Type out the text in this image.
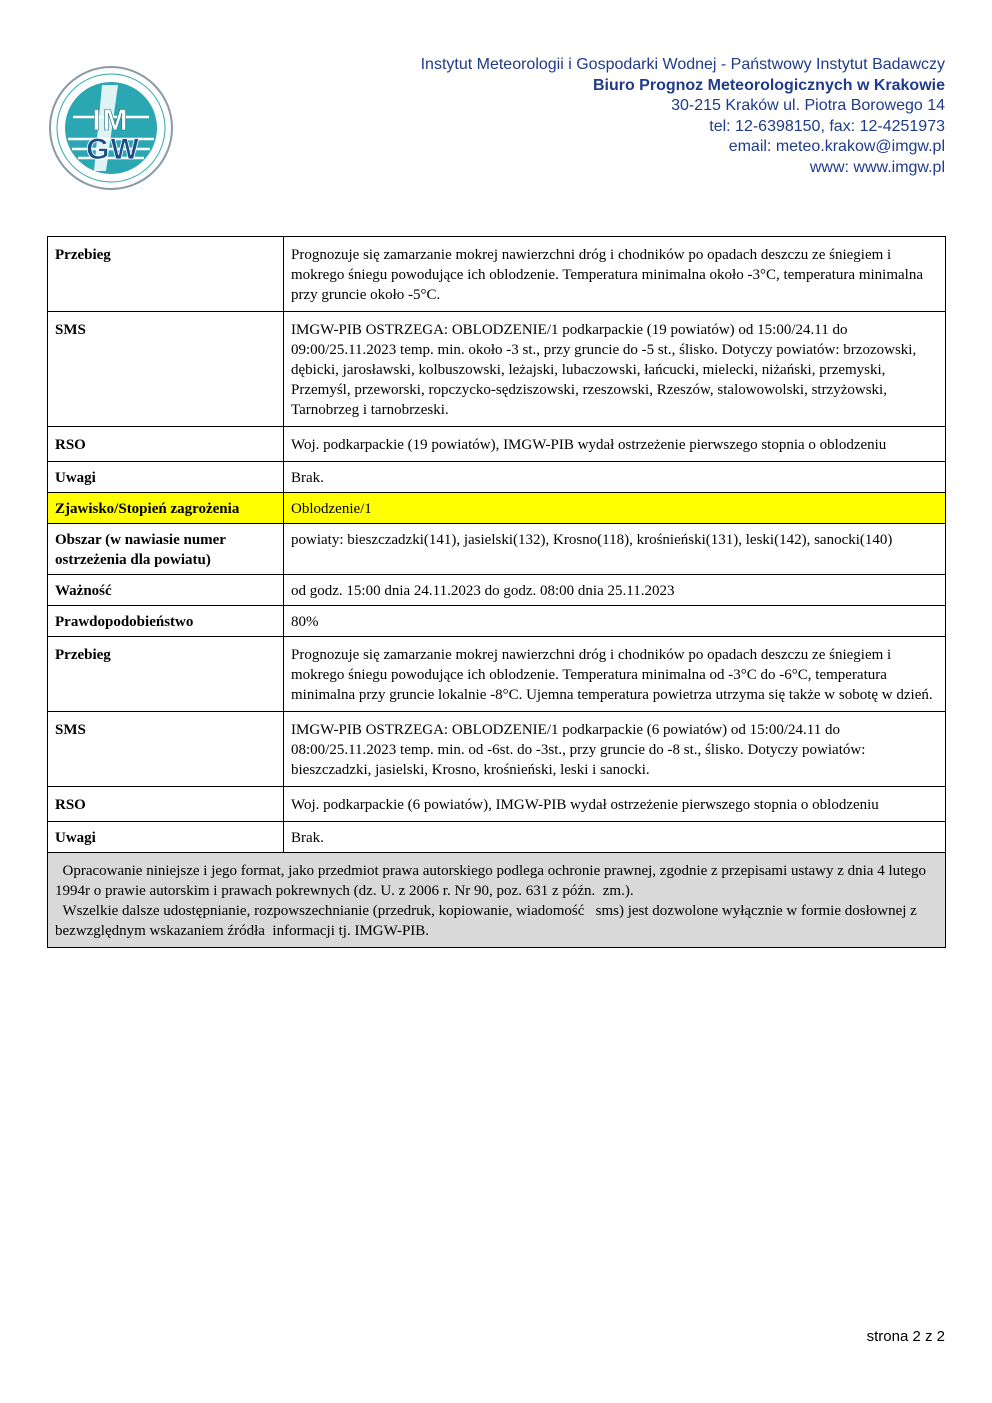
IM
GW
Instytut Meteorologii i Gospodarki Wodnej - Państwowy Instytut Badawczy
Biuro Prognoz Meteorologicznych w Krakowie
30-215 Kraków ul. Piotra Borowego 14
tel: 12-6398150, fax: 12-4251973
email: meteo.krakow@imgw.pl
www: www.imgw.pl
Przebieg	Prognozuje się zamarzanie mokrej nawierzchni dróg i chodników po opadach deszczu ze śniegiem i mokrego śniegu powodujące ich oblodzenie. Temperatura minimalna około -3°C, temperatura minimalna przy gruncie około -5°C.
SMS	IMGW-PIB OSTRZEGA: OBLODZENIE/1 podkarpackie (19 powiatów) od 15:00/24.11 do 09:00/25.11.2023 temp. min. około -3 st., przy gruncie do -5 st., ślisko. Dotyczy powiatów: brzozowski, dębicki, jarosławski, kolbuszowski, leżajski, lubaczowski, łańcucki, mielecki, niżański, przemyski, Przemyśl, przeworski, ropczycko-sędziszowski, rzeszowski, Rzeszów, stalowowolski, strzyżowski, Tarnobrzeg i tarnobrzeski.
RSO	Woj. podkarpackie (19 powiatów), IMGW-PIB wydał ostrzeżenie pierwszego stopnia o oblodzeniu
Uwagi	Brak.
Zjawisko/Stopień zagrożenia	Oblodzenie/1
Obszar (w nawiasie numer ostrzeżenia dla powiatu)	powiaty: bieszczadzki(141), jasielski(132), Krosno(118), krośnieński(131), leski(142), sanocki(140)
Ważność	od godz. 15:00 dnia 24.11.2023 do godz. 08:00 dnia 25.11.2023
Prawdopodobieństwo	80%
Przebieg	Prognozuje się zamarzanie mokrej nawierzchni dróg i chodników po opadach deszczu ze śniegiem i mokrego śniegu powodujące ich oblodzenie. Temperatura minimalna od -3°C do -6°C, temperatura minimalna przy gruncie lokalnie -8°C. Ujemna temperatura powietrza utrzyma się także w sobotę w dzień.
SMS	IMGW-PIB OSTRZEGA: OBLODZENIE/1 podkarpackie (6 powiatów) od 15:00/24.11 do 08:00/25.11.2023 temp. min. od -6st. do -3st., przy gruncie do -8 st., ślisko. Dotyczy powiatów: bieszczadzki, jasielski, Krosno, krośnieński, leski i sanocki.
RSO	Woj. podkarpackie (6 powiatów), IMGW-PIB wydał ostrzeżenie pierwszego stopnia o oblodzeniu
Uwagi	Brak.

Opracowanie niniejsze i jego format, jako przedmiot prawa autorskiego podlega ochronie prawnej, zgodnie z przepisami ustawy z dnia 4 lutego 1994r o prawie autorskim i prawach pokrewnych (dz. U. z 2006 r. Nr 90, poz. 631 z późn.  zm.).

Wszelkie dalsze udostępnianie, rozpowszechnianie (przedruk, kopiowanie, wiadomość   sms) jest dozwolone wyłącznie w formie dosłownej z bezwzględnym wskazaniem źródła  informacji tj. IMGW-PIB.	

strona 2 z 2
